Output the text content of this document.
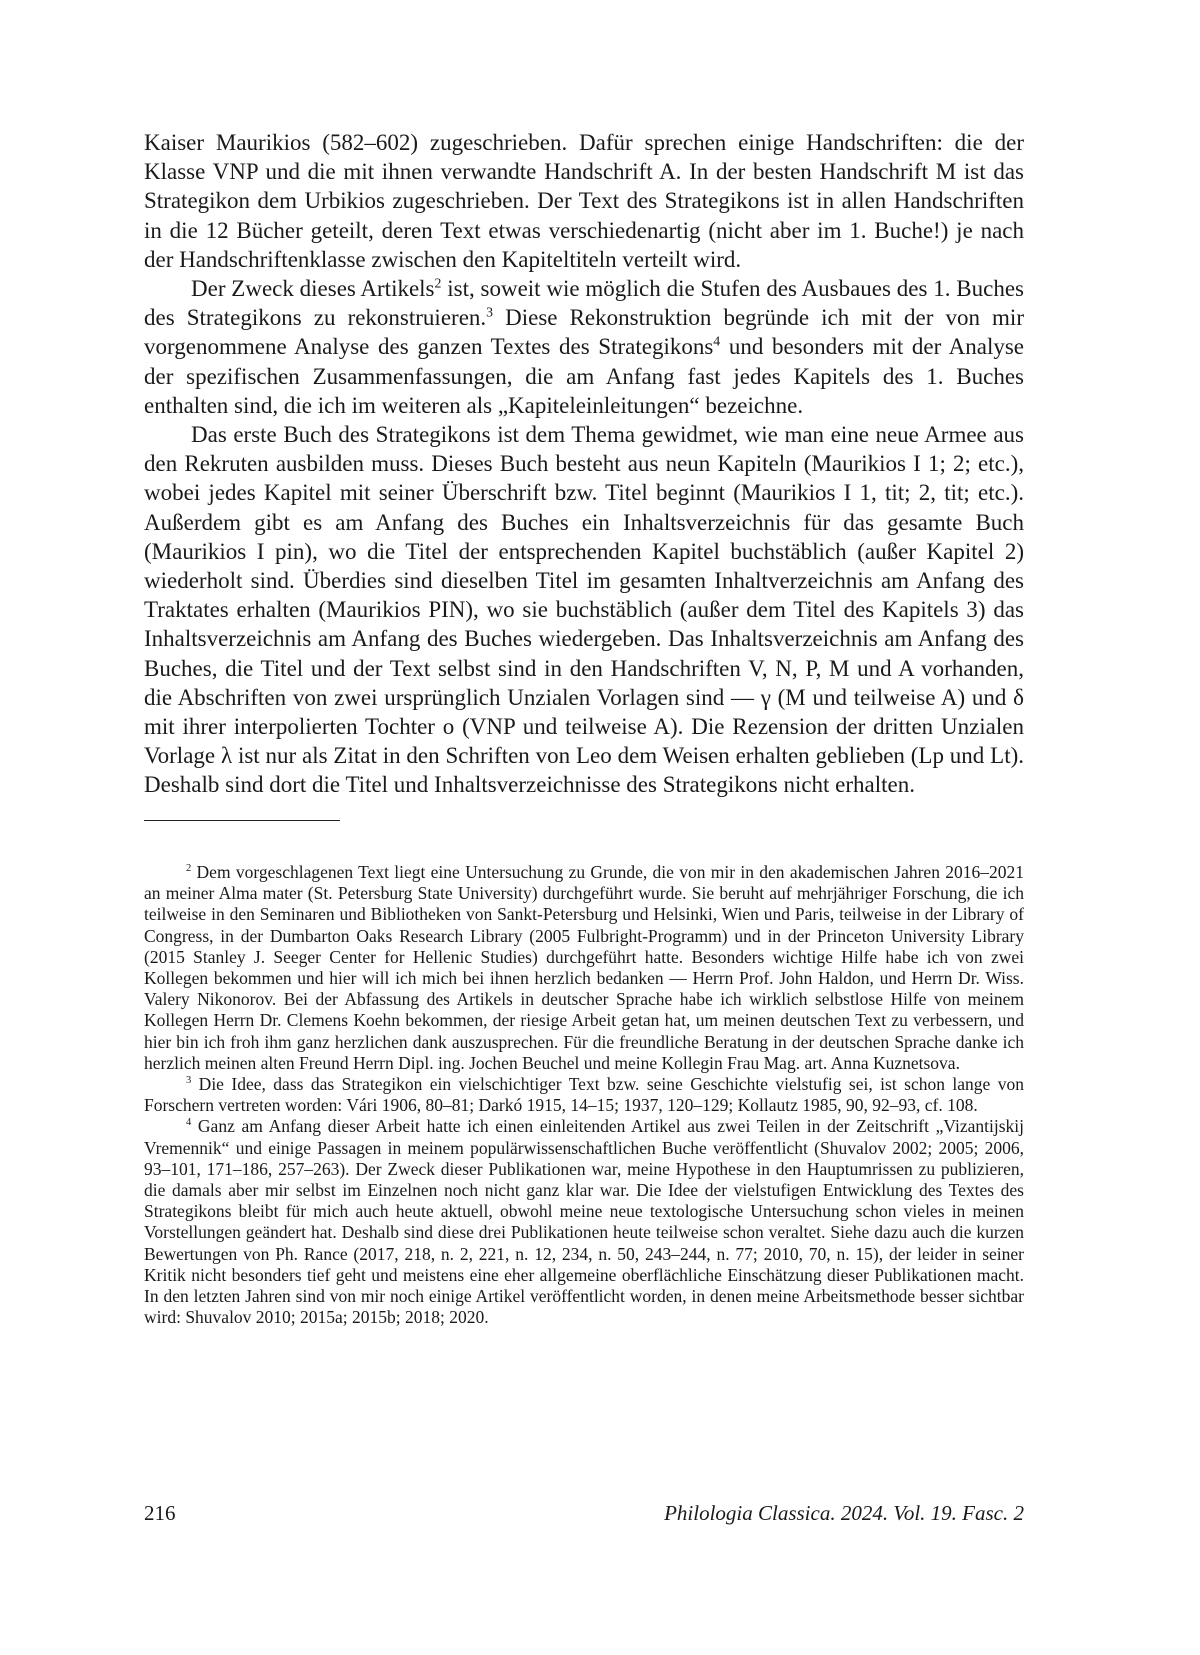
Kaiser Maurikios (582–602) zugeschrieben. Dafür sprechen einige Handschriften: die der Klasse VNP und die mit ihnen verwandte Handschrift A. In der besten Handschrift M ist das Strategikon dem Urbikios zugeschrieben. Der Text des Strategikons ist in allen Handschriften in die 12 Bücher geteilt, deren Text etwas verschiedenartig (nicht aber im 1. Buche!) je nach der Handschriftenklasse zwischen den Kapiteltiteln verteilt wird.

Der Zweck dieses Artikels$^2$ ist, soweit wie möglich die Stufen des Ausbaues des 1. Buches des Strategikons zu rekonstruieren.$^3$ Diese Rekonstruktion begründe ich mit der von mir vorgenommene Analyse des ganzen Textes des Strategikons$^4$ und besonders mit der Analyse der spezifischen Zusammenfassungen, die am Anfang fast jedes Kapitels des 1. Buches enthalten sind, die ich im weiteren als „Kapiteleinleitungen“ bezeichne.

Das erste Buch des Strategikons ist dem Thema gewidmet, wie man eine neue Armee aus den Rekruten ausbilden muss. Dieses Buch besteht aus neun Kapiteln (Maurikios I 1; 2; etc.), wobei jedes Kapitel mit seiner Überschrift bzw. Titel beginnt (Maurikios I 1, tit; 2, tit; etc.). Außerdem gibt es am Anfang des Buches ein Inhaltsverzeichnis für das gesamte Buch (Maurikios I pin), wo die Titel der entsprechenden Kapitel buchstäblich (außer Kapitel 2) wiederholt sind. Überdies sind dieselben Titel im gesamten Inhaltverzeichnis am Anfang des Traktates erhalten (Maurikios PIN), wo sie buchstäblich (außer dem Titel des Kapitels 3) das Inhaltsverzeichnis am Anfang des Buches wiedergeben. Das Inhaltsverzeichnis am Anfang des Buches, die Titel und der Text selbst sind in den Handschriften V, N, P, M und A vorhanden, die Abschriften von zwei ursprünglich Unzialen Vorlagen sind — γ (M und teilweise A) und δ mit ihrer interpolierten Tochter o (VNP und teilweise A). Die Rezension der dritten Unzialen Vorlage λ ist nur als Zitat in den Schriften von Leo dem Weisen erhalten geblieben (Lp und Lt). Deshalb sind dort die Titel und Inhaltsverzeichnisse des Strategikons nicht erhalten.

$^2$ Dem vorgeschlagenen Text liegt eine Untersuchung zu Grunde, die von mir in den akademischen Jahren 2016–2021 an meiner Alma mater (St. Petersburg State University) durchgeführt wurde. Sie beruht auf mehrjähriger Forschung, die ich teilweise in den Seminaren und Bibliotheken von Sankt-Petersburg und Helsinki, Wien und Paris, teilweise in der Library of Congress, in der Dumbarton Oaks Research Library (2005 Fulbright-Programm) und in der Princeton University Library (2015 Stanley J. Seeger Center for Hellenic Studies) durchgeführt hatte. Besonders wichtige Hilfe habe ich von zwei Kollegen bekommen und hier will ich mich bei ihnen herzlich bedanken — Herrn Prof. John Haldon, und Herrn Dr. Wiss. Valery Nikonorov. Bei der Abfassung des Artikels in deutscher Sprache habe ich wirklich selbstlose Hilfe von meinem Kollegen Herrn Dr. Clemens Koehn bekommen, der riesige Arbeit getan hat, um meinen deutschen Text zu verbessern, und hier bin ich froh ihm ganz herzlichen dank auszusprechen. Für die freundliche Beratung in der deutschen Sprache danke ich herzlich meinen alten Freund Herrn Dipl. ing. Jochen Beuchel und meine Kollegin Frau Mag. art. Anna Kuznetsova.

$^3$ Die Idee, dass das Strategikon ein vielschichtiger Text bzw. seine Geschichte vielstufig sei, ist schon lange von Forschern vertreten worden: Vári 1906, 80–81; Darkó 1915, 14–15; 1937, 120–129; Kollautz 1985, 90, 92–93, cf. 108.

$^4$ Ganz am Anfang dieser Arbeit hatte ich einen einleitenden Artikel aus zwei Teilen in der Zeitschrift „Vizantijskij Vremennik“ und einige Passagen in meinem populärwissenschaftlichen Buche veröffentlicht (Shuvalov 2002; 2005; 2006, 93–101, 171–186, 257–263). Der Zweck dieser Publikationen war, meine Hypothese in den Hauptumrissen zu publizieren, die damals aber mir selbst im Einzelnen noch nicht ganz klar war. Die Idee der vielstufigen Entwicklung des Textes des Strategikons bleibt für mich auch heute aktuell, obwohl meine neue textologische Untersuchung schon vieles in meinen Vorstellungen geändert hat. Deshalb sind diese drei Publikationen heute teilweise schon veraltet. Siehe dazu auch die kurzen Bewertungen von Ph. Rance (2017, 218, n. 2, 221, n. 12, 234, n. 50, 243–244, n. 77; 2010, 70, n. 15), der leider in seiner Kritik nicht besonders tief geht und meistens eine eher allgemeine oberflächliche Einschätzung dieser Publikationen macht. In den letzten Jahren sind von mir noch einige Artikel veröffentlicht worden, in denen meine Arbeitsmethode besser sichtbar wird: Shuvalov 2010; 2015a; 2015b; 2018; 2020.

216	Philologia Classica. 2024. Vol. 19. Fasc. 2
